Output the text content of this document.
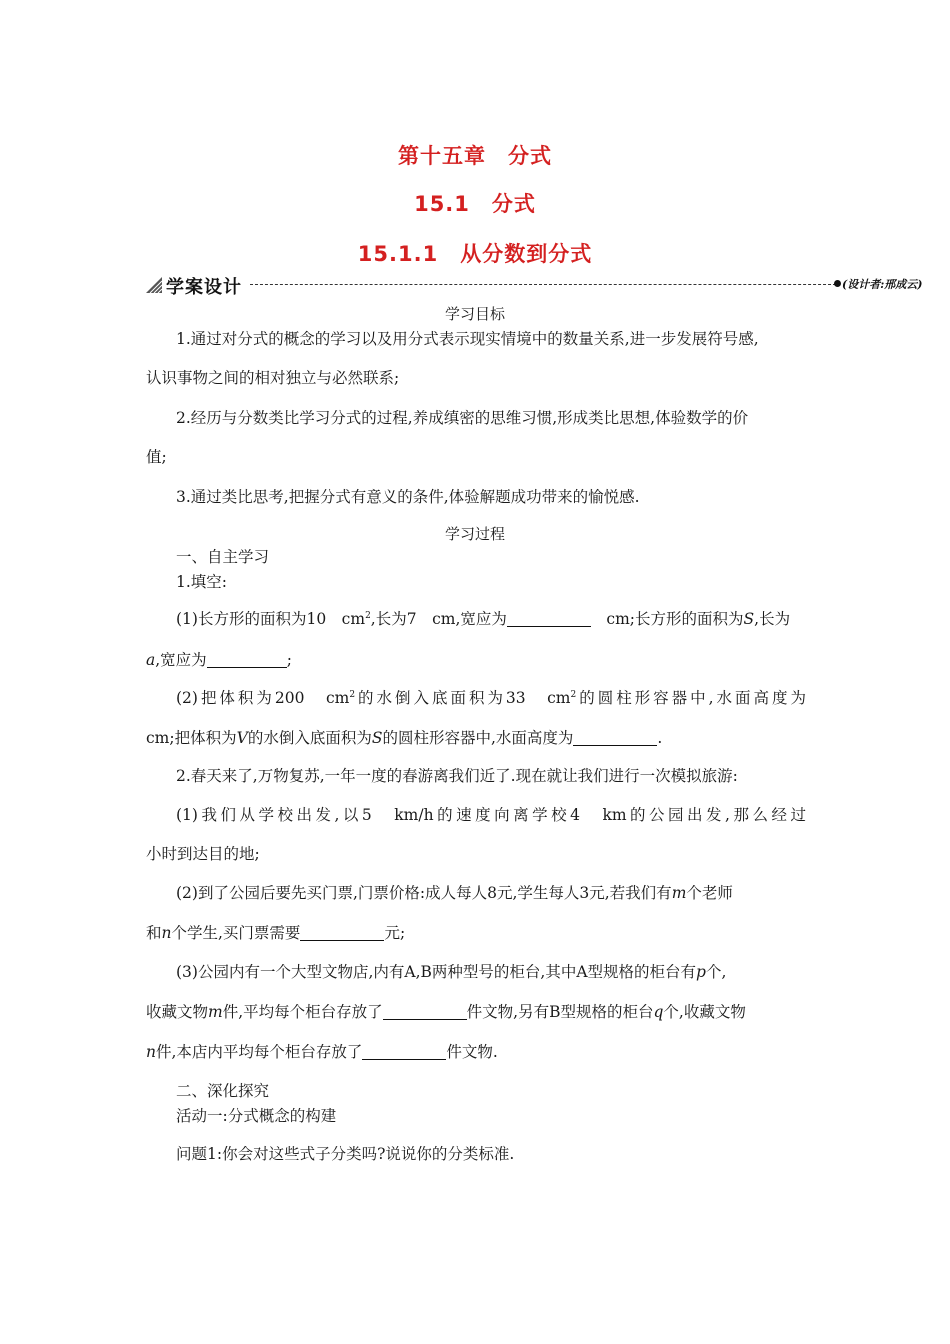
第十五章　分式
15.1　分式
15.1.1　从分数到分式
学案设计	(设计者:邢成云)
学习目标
1.通过对分式的概念的学习以及用分式表示现实情境中的数量关系,进一步发展符号感,
认识事物之间的相对独立与必然联系;
2.经历与分数类比学习分式的过程,养成缜密的思维习惯,形成类比思想,体验数学的价
值;
3.通过类比思考,把握分式有意义的条件,体验解题成功带来的愉悦感.
学习过程
一、自主学习
1.填空:
(1)长方形的面积为10　$cm^2$,长为7　cm,宽应为	　cm;长方形的面积为S,长为
a,宽应为	;
(2)把体积为200　$cm^2$的水倒入底面积为33　$cm^2$的圆柱形容器中,水面高度为
cm;把体积为V的水倒入底面积为S的圆柱形容器中,水面高度为	.
2.春天来了,万物复苏,一年一度的春游离我们近了.现在就让我们进行一次模拟旅游:
(1)我们从学校出发,以5　km/h的速度向离学校4　km的公园出发,那么经过
小时到达目的地;
(2)到了公园后要先买门票,门票价格:成人每人8元,学生每人3元,若我们有m个老师
和n个学生,买门票需要	元;
(3)公园内有一个大型文物店,内有A,B两种型号的柜台,其中A型规格的柜台有p个,
收藏文物m件,平均每个柜台存放了	件文物,另有B型规格的柜台q个,收藏文物
n件,本店内平均每个柜台存放了	件文物.
二、深化探究
活动一:分式概念的构建
问题1:你会对这些式子分类吗?说说你的分类标准.
